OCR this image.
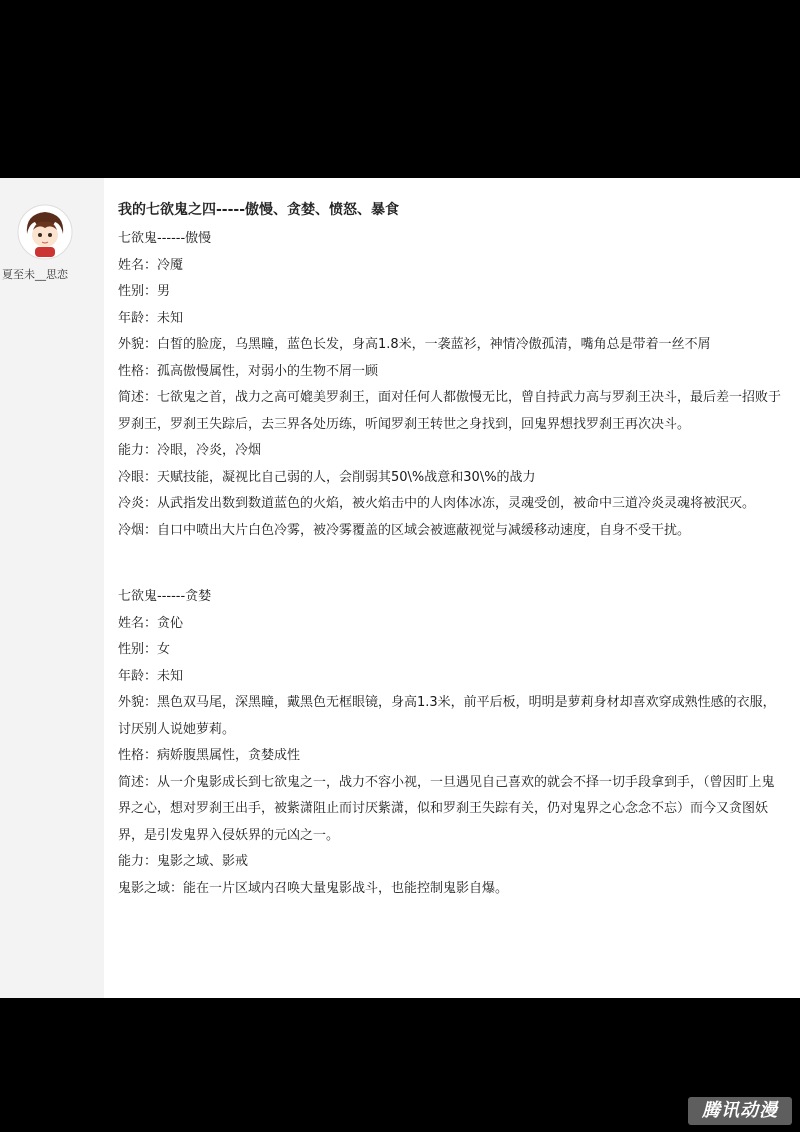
夏至未__思恋
我的七欲鬼之四-----傲慢、贪婪、愤怒、暴食

七欲鬼------傲慢

姓名：冷魇

性别：男

年龄：未知

外貌：白皙的脸庞，乌黑瞳，蓝色长发，身高1.8米，一袭蓝衫，神情冷傲孤清，嘴角总是带着一丝不屑

性格：孤高傲慢属性，对弱小的生物不屑一顾

简述：七欲鬼之首，战力之高可媲美罗刹王，面对任何人都傲慢无比，曾自持武力高与罗刹王决斗，最后差一招败于罗刹王，罗刹王失踪后，去三界各处历练，听闻罗刹王转世之身找到，回鬼界想找罗刹王再次决斗。

能力：冷眼，冷炎，冷烟

冷眼：天赋技能，凝视比自己弱的人，会削弱其50\%战意和30\%的战力

冷炎：从武指发出数到数道蓝色的火焰，被火焰击中的人肉体冰冻，灵魂受创，被命中三道冷炎灵魂将被泯灭。

冷烟：自口中喷出大片白色冷雾，被冷雾覆盖的区域会被遮蔽视觉与减缓移动速度，自身不受干扰。

七欲鬼------贪婪

姓名：贪伈

性别：女

年龄：未知

外貌：黑色双马尾，深黑瞳，戴黑色无框眼镜，身高1.3米，前平后板，明明是萝莉身材却喜欢穿成熟性感的衣服，讨厌别人说她萝莉。

性格：病娇腹黑属性，贪婪成性

简述：从一介鬼影成长到七欲鬼之一，战力不容小视，一旦遇见自己喜欢的就会不择一切手段拿到手，（曾因盯上鬼界之心，想对罗刹王出手，被紫潇阻止而讨厌紫潇，似和罗刹王失踪有关，仍对鬼界之心念念不忘）而今又贪图妖界，是引发鬼界入侵妖界的元凶之一。

能力：鬼影之域、影戒

鬼影之域：能在一片区域内召唤大量鬼影战斗，也能控制鬼影自爆。

腾讯动漫
